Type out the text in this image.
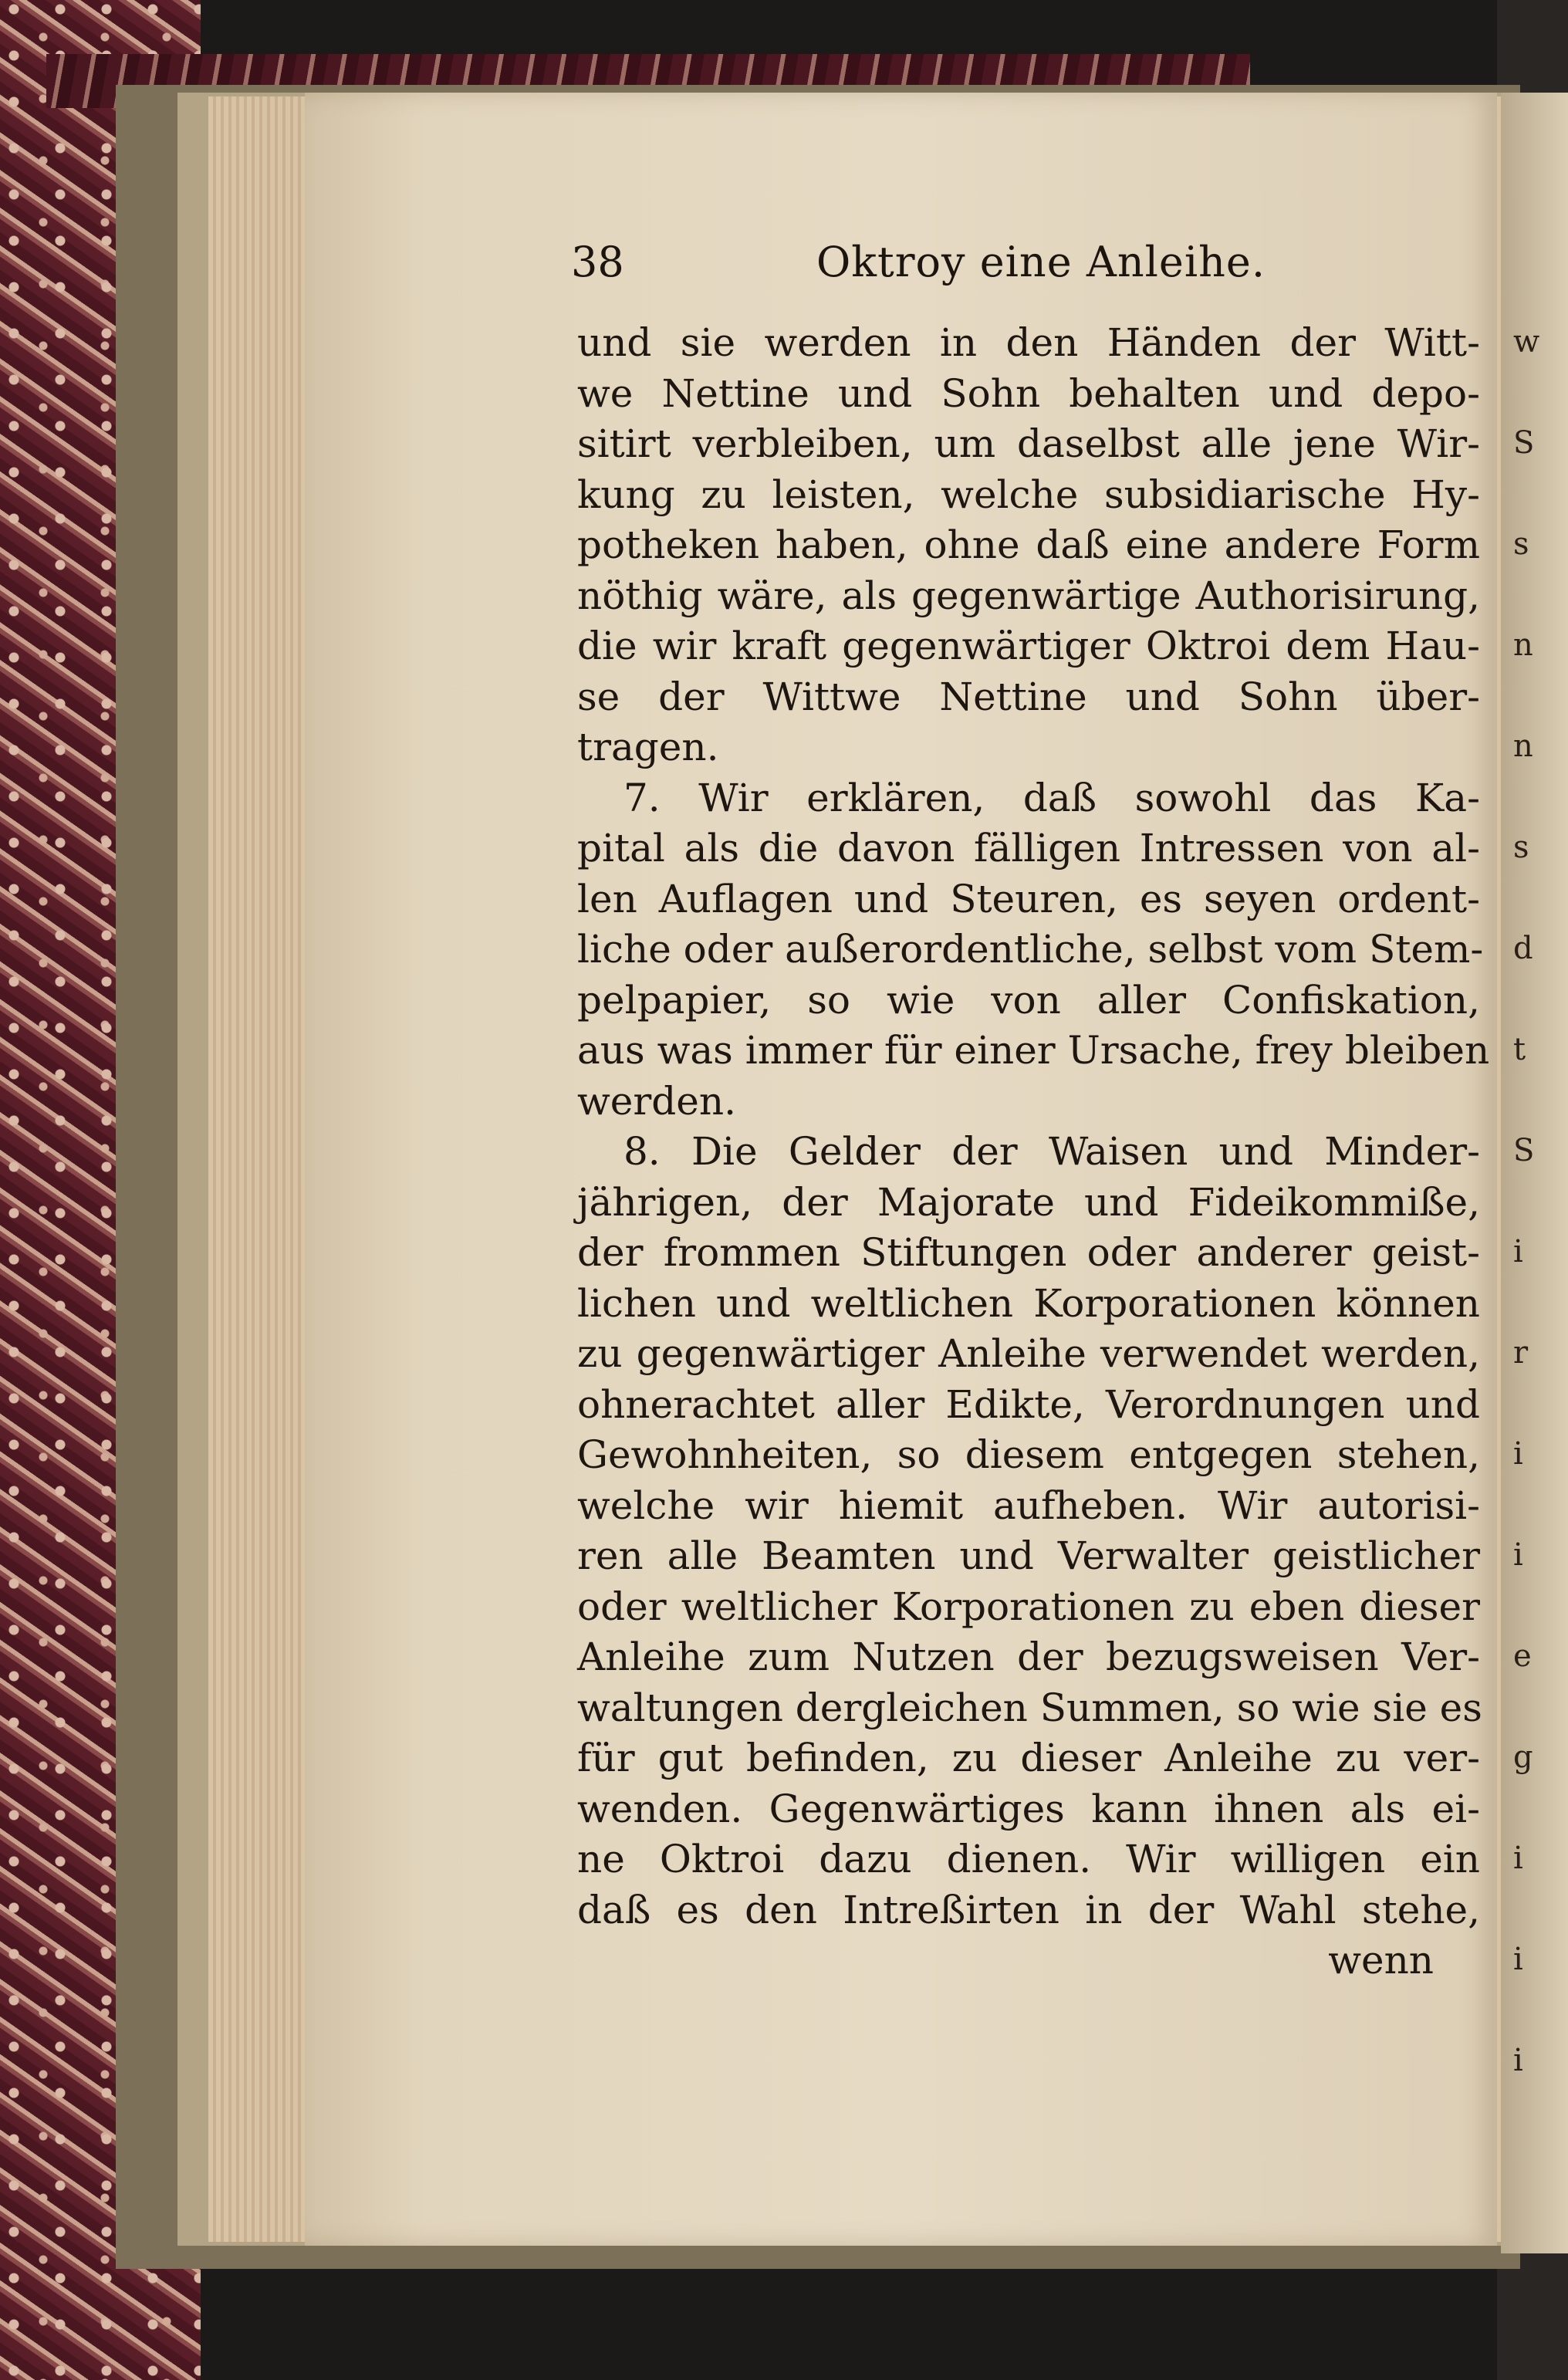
w
S
s
n
n
s
d
t
S
i
r
i
i
e
g
i
i
i
38	Oktroy eine Anleihe.
und sie werden in den Händen der Witt-
we Nettine und Sohn behalten und depo-
sitirt verbleiben, um daselbst alle jene Wir-
kung zu leisten, welche subsidiarische Hy-
potheken haben, ohne daß eine andere Form
nöthig wäre, als gegenwärtige Authorisirung,
die wir kraft gegenwärtiger Oktroi dem Hau-
se der Wittwe Nettine und Sohn über-
tragen.
7. Wir erklären, daß sowohl das Ka-
pital als die davon fälligen Intressen von al-
len Auflagen und Steuren, es seyen ordent-
liche oder außerordentliche, selbst vom Stem-
pelpapier, so wie von aller Confiskation,
aus was immer für einer Ursache, frey bleiben
werden.
8. Die Gelder der Waisen und Minder-
jährigen, der Majorate und Fideikommiße,
der frommen Stiftungen oder anderer geist-
lichen und weltlichen Korporationen können
zu gegenwärtiger Anleihe verwendet werden,
ohnerachtet aller Edikte, Verordnungen und
Gewohnheiten, so diesem entgegen stehen,
welche wir hiemit aufheben. Wir autorisi-
ren alle Beamten und Verwalter geistlicher
oder weltlicher Korporationen zu eben dieser
Anleihe zum Nutzen der bezugsweisen Ver-
waltungen dergleichen Summen, so wie sie es
für gut befinden, zu dieser Anleihe zu ver-
wenden. Gegenwärtiges kann ihnen als ei-
ne Oktroi dazu dienen. Wir willigen ein
daß es den Intreßirten in der Wahl stehe,
wenn
